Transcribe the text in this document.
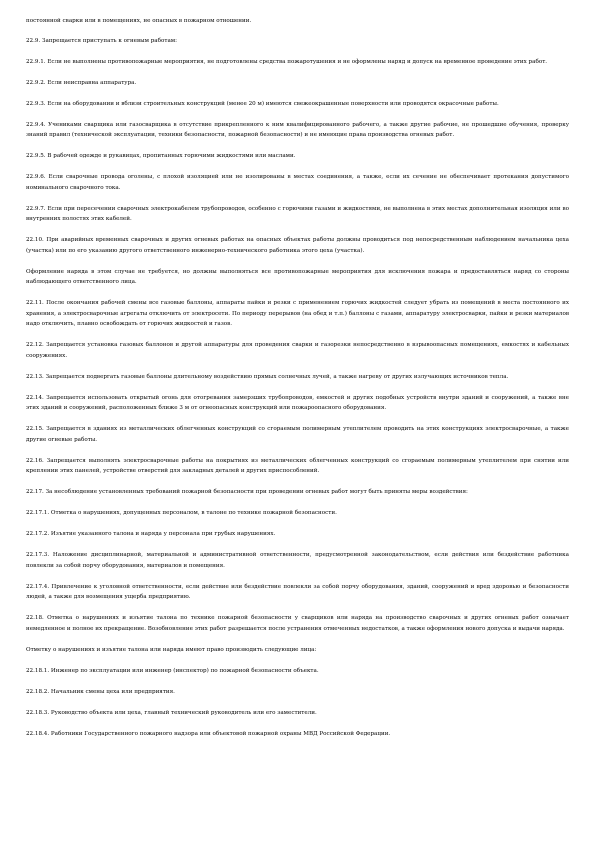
постоянной сварки или в помещениях, не опасных в пожарном отношении.

22.9. Запрещается приступать к огневым работам:

22.9.1. Если не выполнены противопожарные мероприятия, не подготовлены средства пожаротушения и не оформлены наряд и допуск на временное проведение этих работ.

22.9.2. Если неисправна аппаратура.

22.9.3. Если на оборудовании и вблизи строительных конструкций (менее 20 м) имеются свежеокрашенные поверхности или проводятся окрасочные работы.

22.9.4. Учениками сварщика или газосварщика в отсутствие прикрепленного к ним квалифицированного рабочего, а также другие рабочие, не прошедшие обучения, проверку знаний правил (технической эксплуатации, техники безопасности, пожарной безопасности) и не имеющие права производства огневых работ.

22.9.5. В рабочей одежде и рукавицах, пропитанных горючими жидкостями или маслами.

22.9.6. Если сварочные провода оголены, с плохой изоляцией или не изолированы в местах соединения, а также, если их сечение не обеспечивает протекания допустимого номинального сварочного тока.

22.9.7. Если при пересечении сварочных электрокабелем трубопроводов, особенно с горючими газами и жидкостями, не выполнена в этих местах дополнительная изоляция или во внутренних полостях этих кабелей.

22.10. При аварийных временных сварочных и других огневых работах на опасных объектах работы должны проводиться под непосредственным наблюдением начальника цеха (участка) или по его указанию другого ответственного инженерно-технического работника этого цеха (участка).

Оформление наряда в этом случае не требуется, но должны выполняться все противопожарные мероприятия для исключения пожара и предоставляться наряд со стороны наблюдающего ответственного лица.

22.11. После окончания рабочей смены все газовые баллоны, аппараты пайки и резки с применением горючих жидкостей следует убрать из помещений в места постоянного их хранения, а электросварочные агрегаты отключить от электросети. По периоду перерывов (на обед и т.п.) баллоны с газами, аппаратуру электросварки, пайки и резки материалов надо отключить, плавно освобождать от горючих жидкостей и газов.

22.12. Запрещается установка газовых баллонов и другой аппаратуры для проведения сварки и газорезки непосредственно в взрывоопасных помещениях, емкостях и кабельных сооружениях.

22.13. Запрещается подвергать газовые баллоны длительному воздействию прямых солнечных лучей, а также нагреву от других излучающих источников тепла.

22.14. Запрещается использовать открытый огонь для отогревания замерзших трубопроводов, емкостей и других подобных устройств внутри зданий и сооружений, а также вне этих зданий и сооружений, расположенных ближе 3 м от огнеопасных конструкций или пожароопасного оборудования.

22.15. Запрещается в зданиях из металлических облегченных конструкций со сгораемым полимерным утеплителем проводить на этих конструкциях электросварочные, а также другие огневые работы.

22.16. Запрещается выполнять электросварочные работы на покрытиях из металлических облегченных конструкций со сгораемым полимерным утеплителем при снятии или креплении этих панелей, устройстве отверстий для закладных деталей и других приспособлений.

22.17. За несоблюдение установленных требований пожарной безопасности при проведении огневых работ могут быть приняты меры воздействия:

22.17.1. Отметка о нарушениях, допущенных персоналом, в талоне по технике пожарной безопасности.

22.17.2. Изъятие указанного талона и наряда у персонала при грубых нарушениях.

22.17.3. Наложение дисциплинарной, материальной и административной ответственности, предусмотренной законодательством, если действия или бездействие работника повлекли за собой порчу оборудования, материалов и помещения.

22.17.4. Привлечение к уголовной ответственности, если действие или бездействие повлекли за собой порчу оборудования, зданий, сооружений и вред здоровью и безопасности людей, а также для возмещения ущерба предприятию.

22.18. Отметка о нарушениях и изъятие талона по технике пожарной безопасности у сварщиков или наряда на производство сварочных и других огневых работ означает немедленное и полное их прекращение. Возобновление этих работ разрешается после устранения отмеченных недостатков, а также оформления нового допуска и выдачи наряда.

Отметку о нарушениях и изъятие талона или наряда имеют право производить следующие лица:

22.18.1. Инженер по эксплуатации или инженер (инспектор) по пожарной безопасности объекта.

22.18.2. Начальник смены цеха или предприятия.

22.18.3. Руководство объекта или цеха, главный технический руководитель или его заместители.

22.18.4. Работники Государственного пожарного надзора или объектовой пожарной охраны МВД Российской Федерации.
